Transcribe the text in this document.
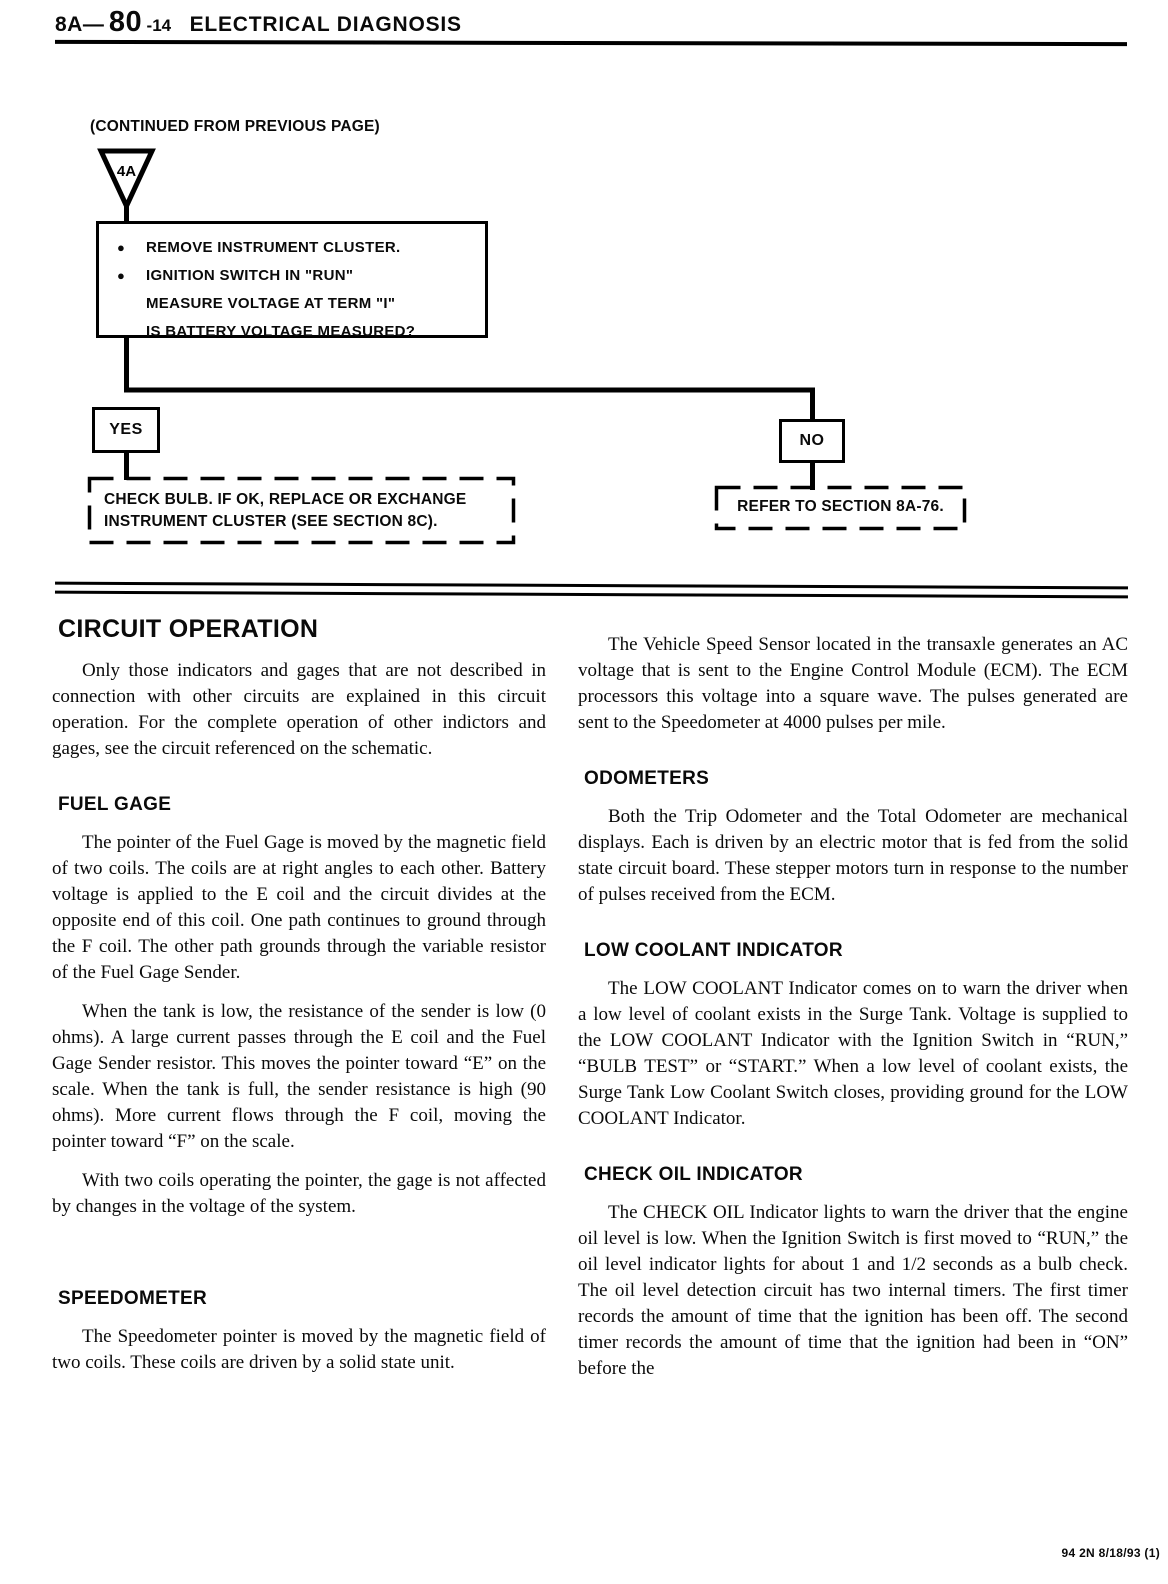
8A— 80 -14 ELECTRICAL DIAGNOSIS
4A
(CONTINUED FROM PREVIOUS PAGE)
●	REMOVE INSTRUMENT CLUSTER.
●	IGNITION SWITCH IN "RUN"
MEASURE VOLTAGE AT TERM "I"
IS BATTERY VOLTAGE MEASURED?
YES
NO
CHECK BULB. IF OK, REPLACE OR EXCHANGE
INSTRUMENT CLUSTER (SEE SECTION 8C).
REFER TO SECTION 8A-76.
CIRCUIT OPERATION

Only those indicators and gages that are not described in connection with other circuits are explained in this circuit operation. For the complete operation of other indictors and gages, see the circuit referenced on the schematic.

FUEL GAGE

The pointer of the Fuel Gage is moved by the magnetic field of two coils. The coils are at right angles to each other. Battery voltage is applied to the E coil and the circuit divides at the opposite end of this coil. One path continues to ground through the F coil. The other path grounds through the variable resistor of the Fuel Gage Sender.

When the tank is low, the resistance of the sender is low (0 ohms). A large current passes through the E coil and the Fuel Gage Sender resistor. This moves the pointer toward “E” on the scale. When the tank is full, the sender resistance is high (90 ohms). More current flows through the F coil, moving the pointer toward “F” on the scale.

With two coils operating the pointer, the gage is not affected by changes in the voltage of the system.

SPEEDOMETER

The Speedometer pointer is moved by the magnetic field of two coils. These coils are driven by a solid state unit.

The Vehicle Speed Sensor located in the transaxle generates an AC voltage that is sent to the Engine Control Module (ECM). The ECM processors this voltage into a square wave. The pulses generated are sent to the Speedometer at 4000 pulses per mile.

ODOMETERS

Both the Trip Odometer and the Total Odometer are mechanical displays. Each is driven by an electric motor that is fed from the solid state circuit board. These stepper motors turn in response to the number of pulses received from the ECM.

LOW COOLANT INDICATOR

The LOW COOLANT Indicator comes on to warn the driver when a low level of coolant exists in the Surge Tank. Voltage is supplied to the LOW COOLANT Indicator with the Ignition Switch in “RUN,” “BULB TEST” or “START.” When a low level of coolant exists, the Surge Tank Low Coolant Switch closes, providing ground for the LOW COOLANT Indicator.

CHECK OIL INDICATOR

The CHECK OIL Indicator lights to warn the driver that the engine oil level is low. When the Ignition Switch is first moved to “RUN,” the oil level indicator lights for about 1 and 1/2 seconds as a bulb check. The oil level detection circuit has two internal timers. The first timer records the amount of time that the ignition has been off. The second timer records the amount of time that the ignition had been in “ON” before the

94 2N 8/18/93 (1)
